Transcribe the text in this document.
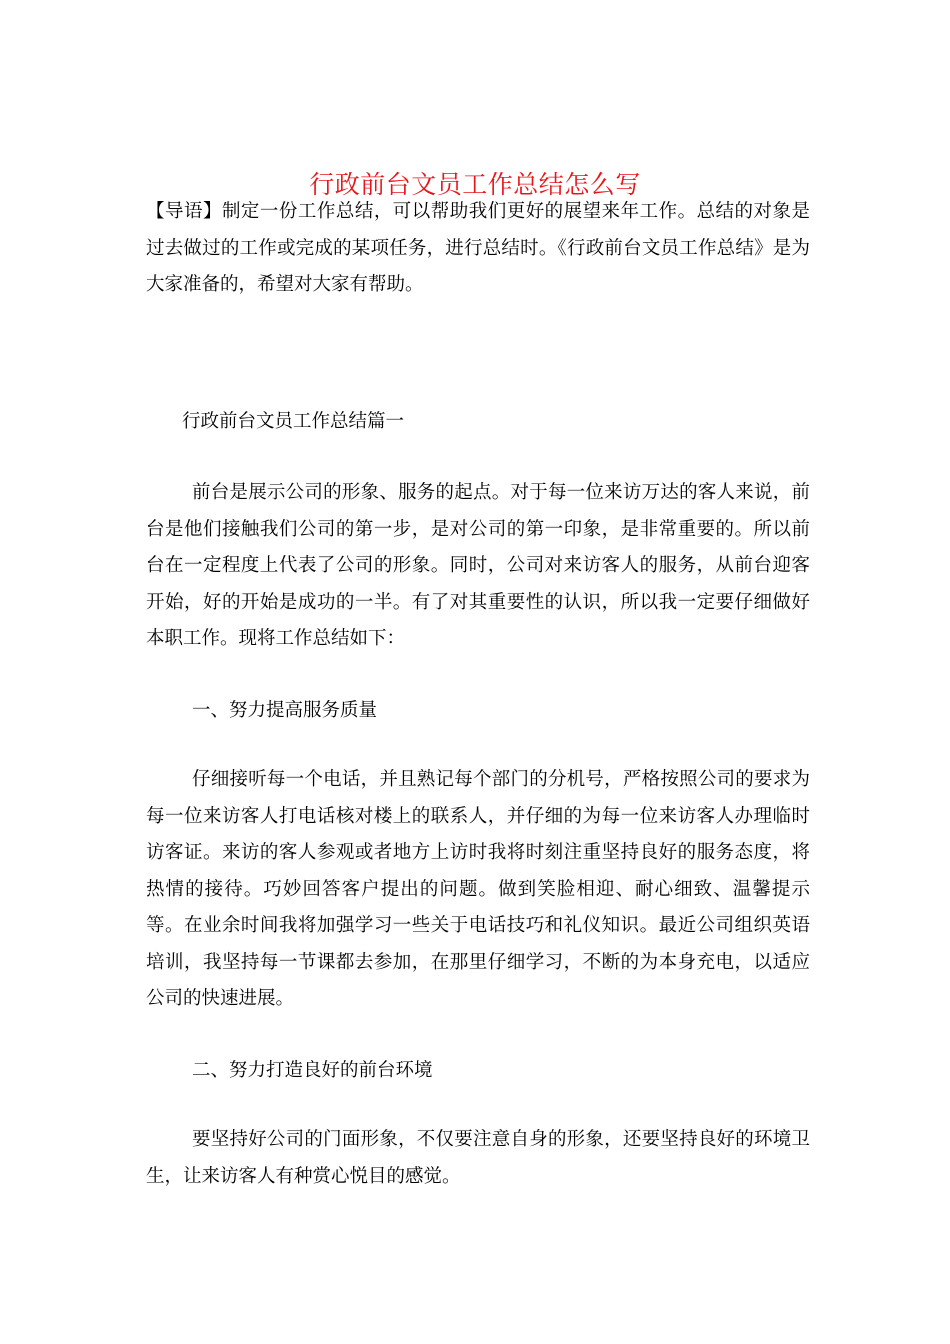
行政前台文员工作总结怎么写

【导语】制定一份工作总结，可以帮助我们更好的展望来年工作。总结的对象是过去做过的工作或完成的某项任务，进行总结时。《行政前台文员工作总结》是为大家准备的，希望对大家有帮助。

行政前台文员工作总结篇一

前台是展示公司的形象、服务的起点。对于每一位来访万达的客人来说，前台是他们接触我们公司的第一步，是对公司的第一印象，是非常重要的。所以前台在一定程度上代表了公司的形象。同时，公司对来访客人的服务，从前台迎客开始，好的开始是成功的一半。有了对其重要性的认识，所以我一定要仔细做好本职工作。现将工作总结如下：

一、努力提高服务质量

仔细接听每一个电话，并且熟记每个部门的分机号，严格按照公司的要求为每一位来访客人打电话核对楼上的联系人，并仔细的为每一位来访客人办理临时访客证。来访的客人参观或者地方上访时我将时刻注重坚持良好的服务态度，将热情的接待。巧妙回答客户提出的问题。做到笑脸相迎、耐心细致、温馨提示等。在业余时间我将加强学习一些关于电话技巧和礼仪知识。最近公司组织英语培训，我坚持每一节课都去参加，在那里仔细学习，不断的为本身充电，以适应公司的快速进展。

二、努力打造良好的前台环境

要坚持好公司的门面形象，不仅要注意自身的形象，还要坚持良好的环境卫生，让来访客人有种赏心悦目的感觉。
